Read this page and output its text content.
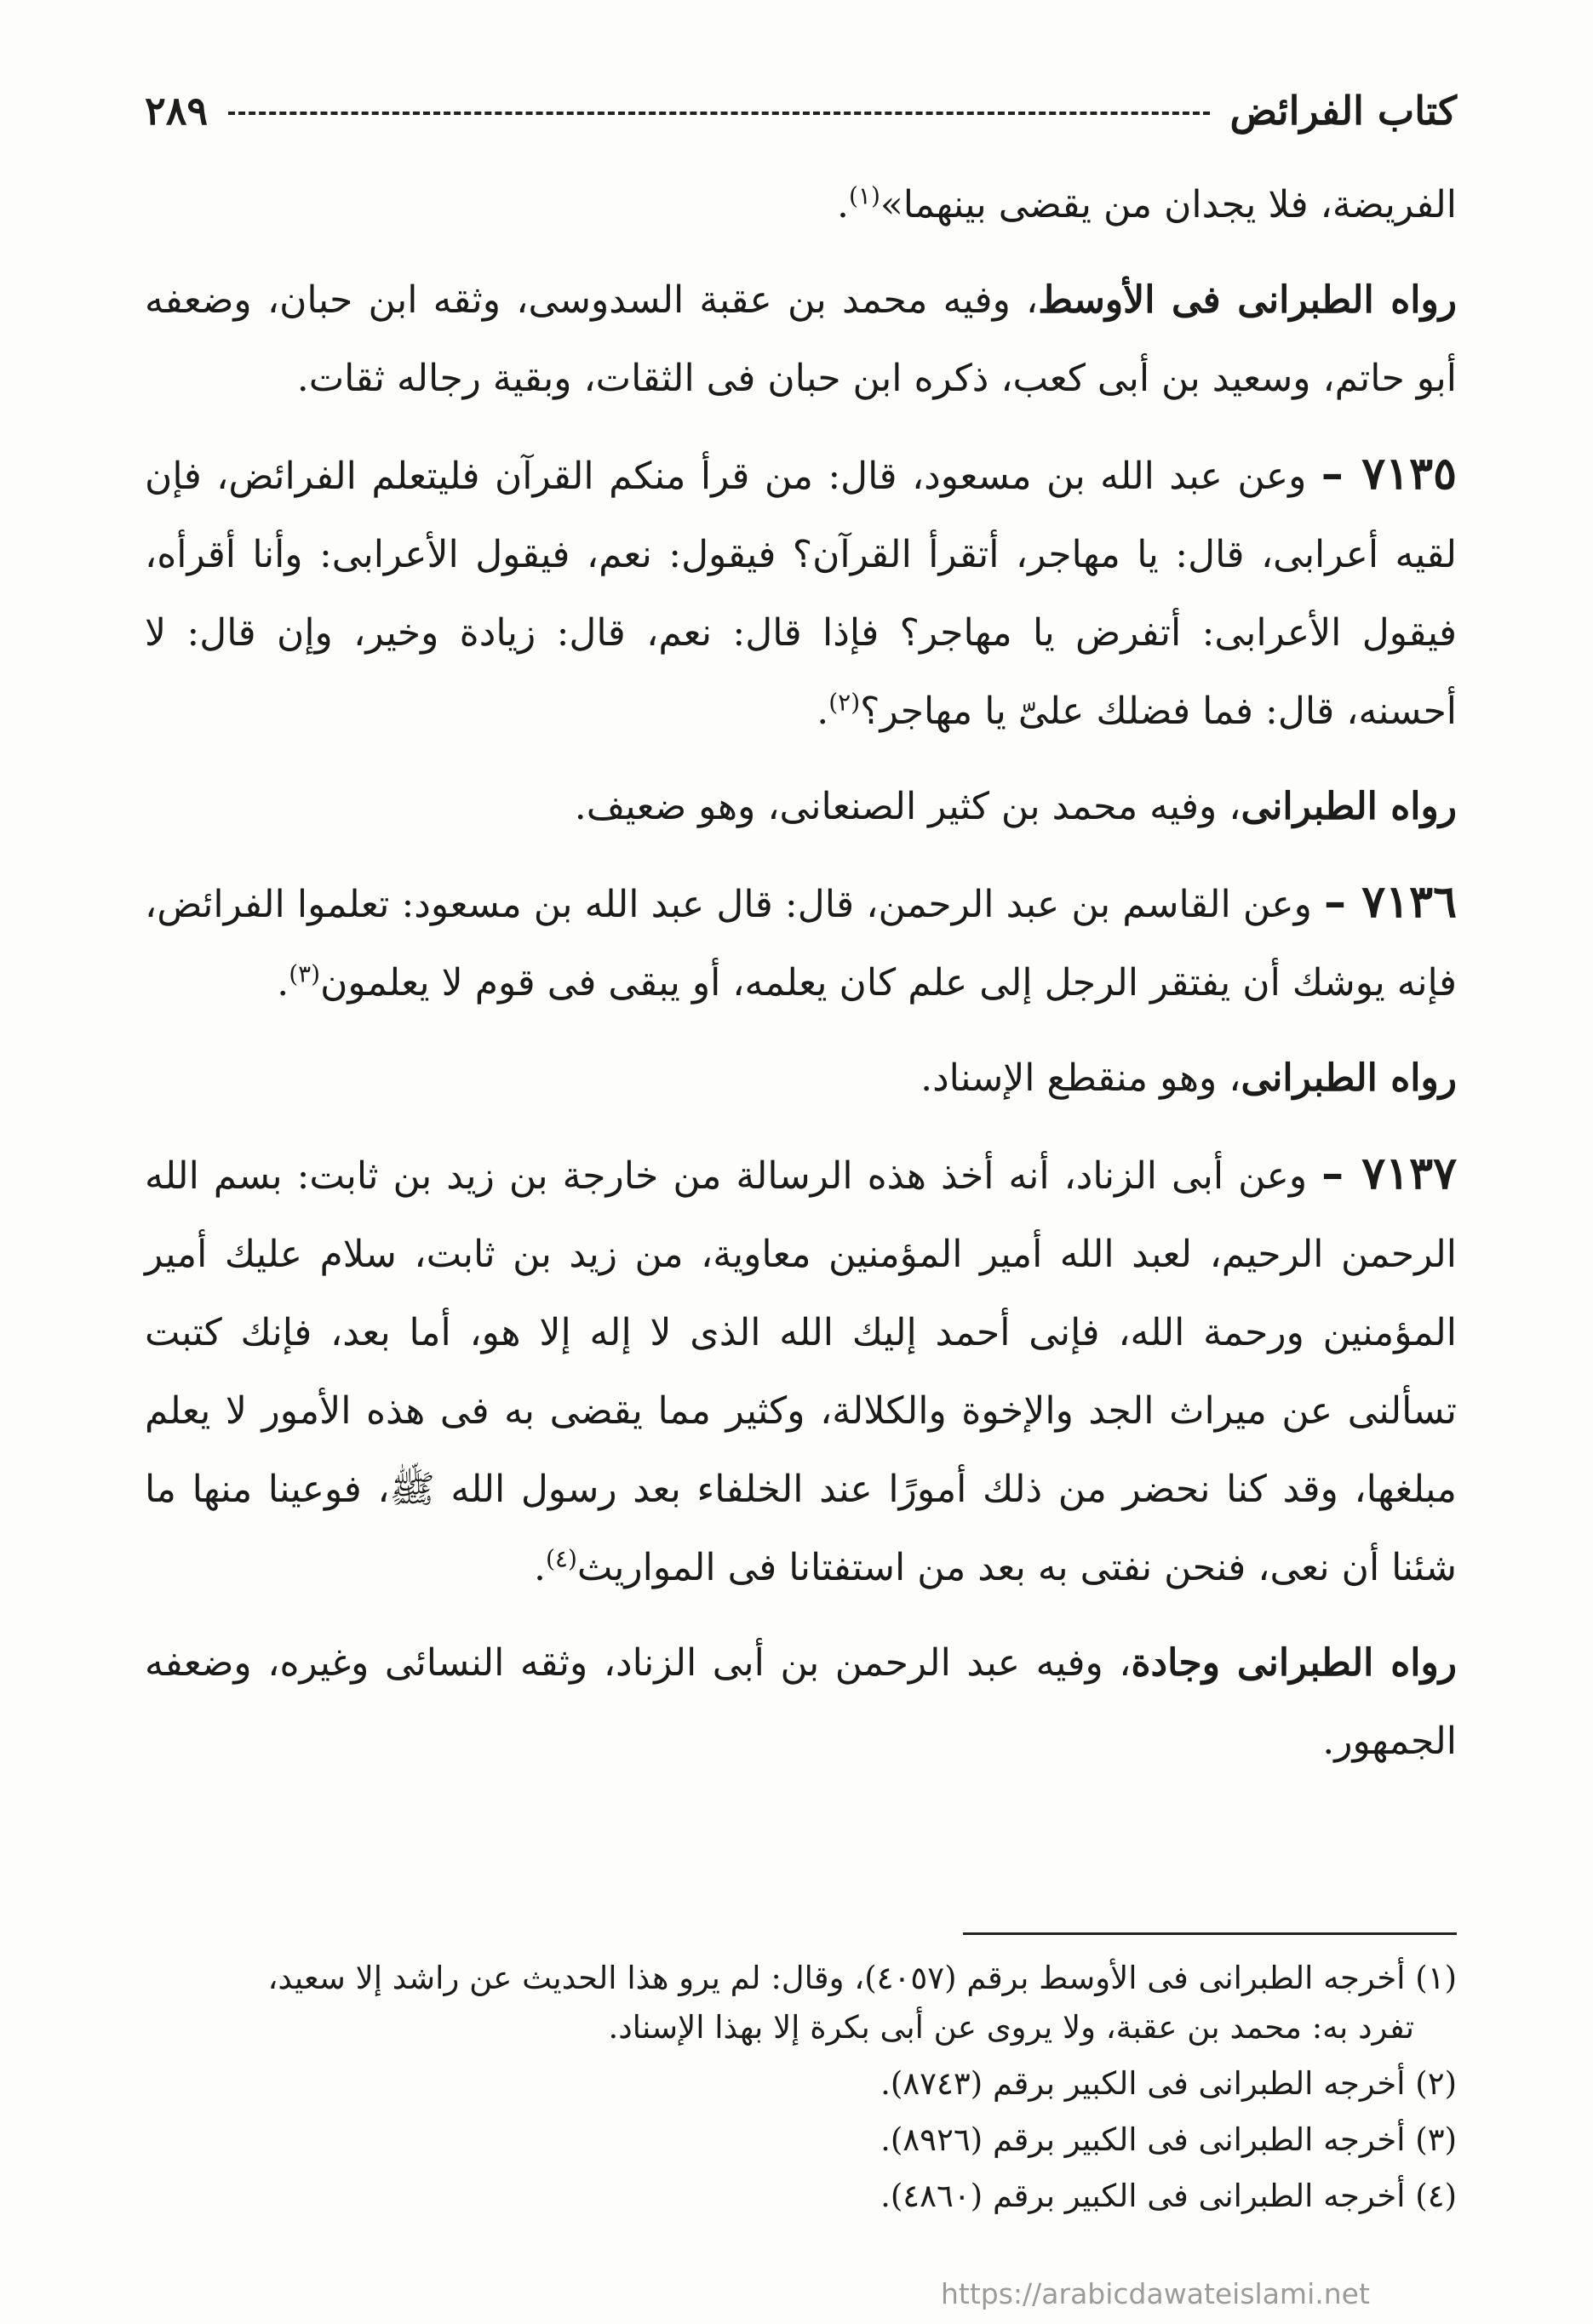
كتاب الفرائض
٢٨٩

الفريضة، فلا يجدان من يقضى بينهما»$^{(١)}$.

رواه الطبرانى فى الأوسط، وفيه محمد بن عقبة السدوسى، وثقه ابن حبان، وضعفه أبو حاتم، وسعيد بن أبى كعب، ذكره ابن حبان فى الثقات، وبقية رجاله ثقات.

٧١٣٥ – وعن عبد الله بن مسعود، قال: من قرأ منكم القرآن فليتعلم الفرائض، فإن لقيه أعرابى، قال: يا مهاجر، أتقرأ القرآن؟ فيقول: نعم، فيقول الأعرابى: وأنا أقرأه، فيقول الأعرابى: أتفرض يا مهاجر؟ فإذا قال: نعم، قال: زيادة وخير، وإن قال: لا أحسنه، قال: فما فضلك علىّ يا مهاجر؟$^{(٢)}$.

رواه الطبرانى، وفيه محمد بن كثير الصنعانى، وهو ضعيف.

٧١٣٦ – وعن القاسم بن عبد الرحمن، قال: قال عبد الله بن مسعود: تعلموا الفرائض، فإنه يوشك أن يفتقر الرجل إلى علم كان يعلمه، أو يبقى فى قوم لا يعلمون$^{(٣)}$.

رواه الطبرانى، وهو منقطع الإسناد.

٧١٣٧ – وعن أبى الزناد، أنه أخذ هذه الرسالة من خارجة بن زيد بن ثابت: بسم الله الرحمن الرحيم، لعبد الله أمير المؤمنين معاوية، من زيد بن ثابت، سلام عليك أمير المؤمنين ورحمة الله، فإنى أحمد إليك الله الذى لا إله إلا هو، أما بعد، فإنك كتبت تسألنى عن ميراث الجد والإخوة والكلالة، وكثير مما يقضى به فى هذه الأمور لا يعلم مبلغها، وقد كنا نحضر من ذلك أمورًا عند الخلفاء بعد رسول الله ﷺ، فوعينا منها ما شئنا أن نعى، فنحن نفتى به بعد من استفتانا فى المواريث$^{(٤)}$.

رواه الطبرانى وجادة، وفيه عبد الرحمن بن أبى الزناد، وثقه النسائى وغيره، وضعفه الجمهور.

(١) أخرجه الطبرانى فى الأوسط برقم (٤٠٥٧)، وقال: لم يرو هذا الحديث عن راشد إلا سعيد،
تفرد به: محمد بن عقبة، ولا يروى عن أبى بكرة إلا بهذا الإسناد.

(٢) أخرجه الطبرانى فى الكبير برقم (٨٧٤٣).

(٣) أخرجه الطبرانى فى الكبير برقم (٨٩٢٦).

(٤) أخرجه الطبرانى فى الكبير برقم (٤٨٦٠).

https://arabicdawateislami.net
